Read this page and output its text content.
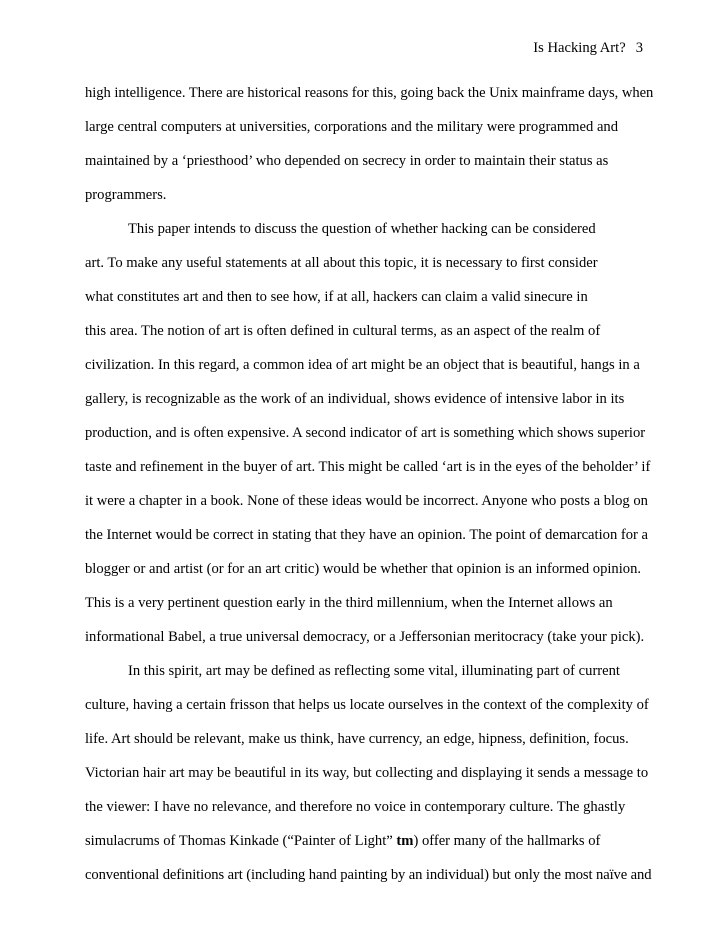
Is Hacking Art? 3
high intelligence. There are historical reasons for this, going back the Unix mainframe days, when
large central computers at universities, corporations and the military were programmed and
maintained by a ‘priesthood’ who depended on secrecy in order to maintain their status as
programmers.
This paper intends to discuss the question of whether hacking can be considered
art. To make any useful statements at all about this topic, it is necessary to first consider
what constitutes art and then to see how, if at all, hackers can claim a valid sinecure in
this area. The notion of art is often defined in cultural terms, as an aspect of the realm of
civilization. In this regard, a common idea of art might be an object that is beautiful, hangs in a
gallery, is recognizable as the work of an individual, shows evidence of intensive labor in its
production, and is often expensive. A second indicator of art is something which shows superior
taste and refinement in the buyer of art. This might be called ‘art is in the eyes of the beholder’ if
it were a chapter in a book. None of these ideas would be incorrect. Anyone who posts a blog on
the Internet would be correct in stating that they have an opinion. The point of demarcation for a
blogger or and artist (or for an art critic) would be whether that opinion is an informed opinion.
This is a very pertinent question early in the third millennium, when the Internet allows an
informational Babel, a true universal democracy, or a Jeffersonian meritocracy (take your pick).
In this spirit, art may be defined as reflecting some vital, illuminating part of current
culture, having a certain frisson that helps us locate ourselves in the context of the complexity of
life. Art should be relevant, make us think, have currency, an edge, hipness, definition, focus.
Victorian hair art may be beautiful in its way, but collecting and displaying it sends a message to
the viewer: I have no relevance, and therefore no voice in contemporary culture. The ghastly
simulacrums of Thomas Kinkade (“Painter of Light” tm) offer many of the hallmarks of
conventional definitions art (including hand painting by an individual) but only the most naïve and
